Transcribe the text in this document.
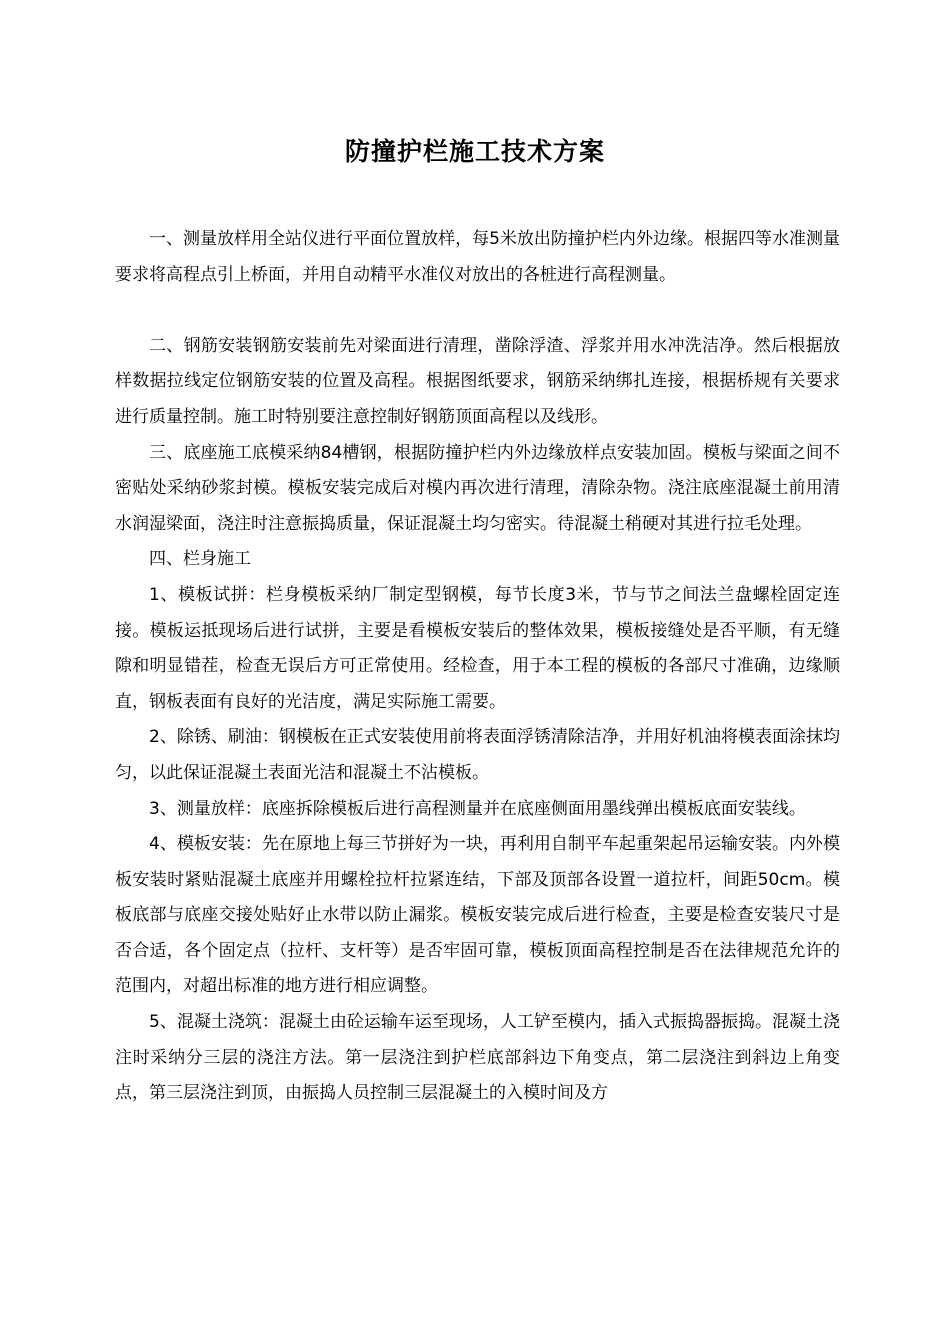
防撞护栏施工技术方案

一、测量放样用全站仪进行平面位置放样，每5米放出防撞护栏内外边缘。根据四等水准测量要求将高程点引上桥面，并用自动精平水准仪对放出的各桩进行高程测量。

二、钢筋安装钢筋安装前先对梁面进行清理，凿除浮渣、浮浆并用水冲洗洁净。然后根据放样数据拉线定位钢筋安装的位置及高程。根据图纸要求，钢筋采纳绑扎连接，根据桥规有关要求进行质量控制。施工时特别要注意控制好钢筋顶面高程以及线形。

三、底座施工底模采纳84槽钢，根据防撞护栏内外边缘放样点安装加固。模板与梁面之间不密贴处采纳砂浆封模。模板安装完成后对模内再次进行清理，清除杂物。浇注底座混凝土前用清水润湿梁面，浇注时注意振捣质量，保证混凝土均匀密实。待混凝土稍硬对其进行拉毛处理。

四、栏身施工

1、模板试拼：栏身模板采纳厂制定型钢模，每节长度3米，节与节之间法兰盘螺栓固定连接。模板运抵现场后进行试拼，主要是看模板安装后的整体效果，模板接缝处是否平顺，有无缝隙和明显错茬，检查无误后方可正常使用。经检查，用于本工程的模板的各部尺寸准确，边缘顺直，钢板表面有良好的光洁度，满足实际施工需要。

2、除锈、刷油：钢模板在正式安装使用前将表面浮锈清除洁净，并用好机油将模表面涂抹均匀，以此保证混凝土表面光洁和混凝土不沾模板。

3、测量放样：底座拆除模板后进行高程测量并在底座侧面用墨线弹出模板底面安装线。

4、模板安装：先在原地上每三节拼好为一块，再利用自制平车起重架起吊运输安装。内外模板安装时紧贴混凝土底座并用螺栓拉杆拉紧连结，下部及顶部各设置一道拉杆，间距50cm。模板底部与底座交接处贴好止水带以防止漏浆。模板安装完成后进行检查，主要是检查安装尺寸是否合适，各个固定点（拉杆、支杆等）是否牢固可靠，模板顶面高程控制是否在法律规范允许的范围内，对超出标准的地方进行相应调整。

5、混凝土浇筑：混凝土由砼运输车运至现场，人工铲至模内，插入式振捣器振捣。混凝土浇注时采纳分三层的浇注方法。第一层浇注到护栏底部斜边下角变点，第二层浇注到斜边上角变点，第三层浇注到顶，由振捣人员控制三层混凝土的入模时间及方
